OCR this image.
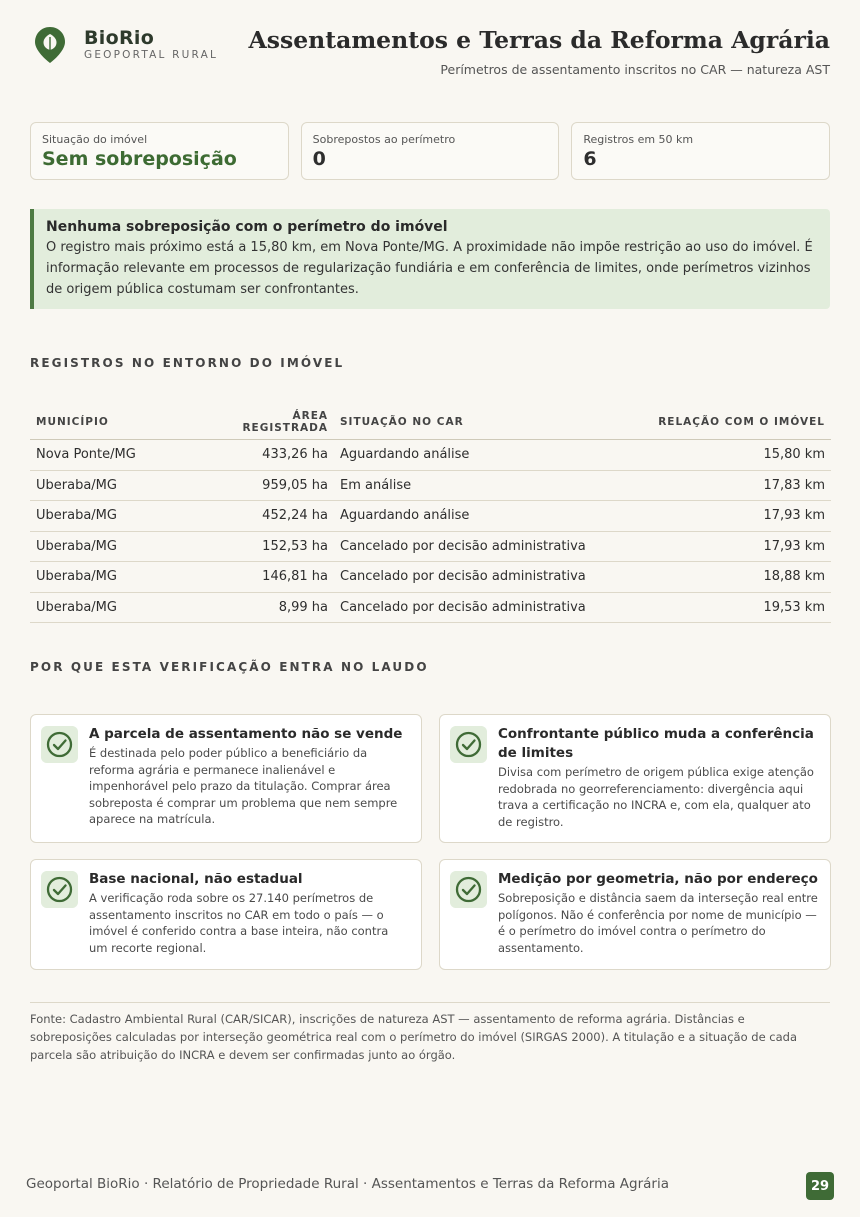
BioRio
GEOPORTAL RURAL
Assentamentos e Terras da Reforma Agrária
Perímetros de assentamento inscritos no CAR — natureza AST
Situação do imóvel
Sem sobreposição
Sobrepostos ao perímetro
0
Registros em 50 km
6
Nenhuma sobreposição com o perímetro do imóvel
O registro mais próximo está a 15,80 km, em Nova Ponte/MG. A proximidade não impõe restrição ao uso do imóvel. É informação relevante em processos de regularização fundiária e em conferência de limites, onde perímetros vizinhos de origem pública costumam ser confrontantes.
REGISTROS NO ENTORNO DO IMÓVEL
MUNICÍPIO	ÁREA REGISTRADA	SITUAÇÃO NO CAR	RELAÇÃO COM O IMÓVEL
Nova Ponte/MG	433,26 ha	Aguardando análise	15,80 km
Uberaba/MG	959,05 ha	Em análise	17,83 km
Uberaba/MG	452,24 ha	Aguardando análise	17,93 km
Uberaba/MG	152,53 ha	Cancelado por decisão administrativa	17,93 km
Uberaba/MG	146,81 ha	Cancelado por decisão administrativa	18,88 km
Uberaba/MG	8,99 ha	Cancelado por decisão administrativa	19,53 km
POR QUE ESTA VERIFICAÇÃO ENTRA NO LAUDO
A parcela de assentamento não se vende
É destinada pelo poder público a beneficiário da reforma agrária e permanece inalienável e impenhorável pelo prazo da titulação. Comprar área sobreposta é comprar um problema que nem sempre aparece na matrícula.
Confrontante público muda a conferência de limites
Divisa com perímetro de origem pública exige atenção redobrada no georreferenciamento: divergência aqui trava a certificação no INCRA e, com ela, qualquer ato de registro.
Base nacional, não estadual
A verificação roda sobre os 27.140 perímetros de assentamento inscritos no CAR em todo o país — o imóvel é conferido contra a base inteira, não contra um recorte regional.
Medição por geometria, não por endereço
Sobreposição e distância saem da interseção real entre polígonos. Não é conferência por nome de município — é o perímetro do imóvel contra o perímetro do assentamento.
Fonte: Cadastro Ambiental Rural (CAR/SICAR), inscrições de natureza AST — assentamento de reforma agrária. Distâncias e sobreposições calculadas por interseção geométrica real com o perímetro do imóvel (SIRGAS 2000). A titulação e a situação de cada parcela são atribuição do INCRA e devem ser confirmadas junto ao órgão.
Geoportal BioRio · Relatório de Propriedade Rural · Assentamentos e Terras da Reforma Agrária	29
